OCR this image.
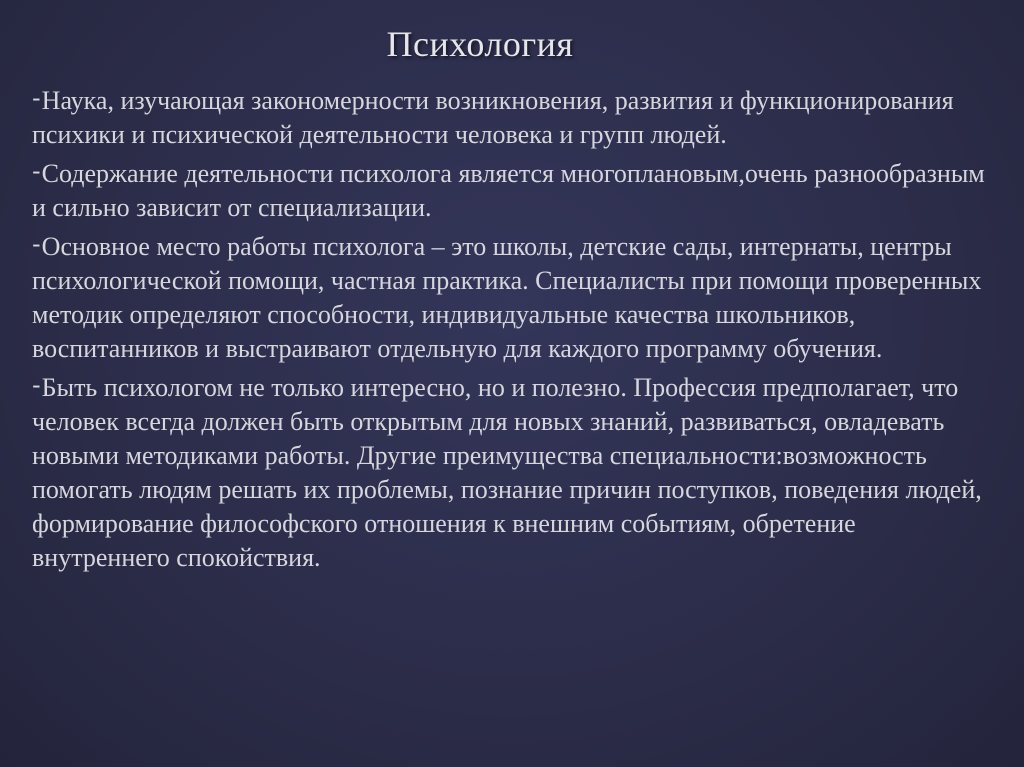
Психология

-Наука, изучающая закономерности возникновения, развития и функционирования психики и психической деятельности человека и групп людей.

-Содержание деятельности психолога является многоплановым,очень разнообразным и сильно зависит от специализации.

-Основное место работы психолога – это школы, детские сады, интернаты, центры психологической помощи, частная практика. Специалисты при помощи проверенных методик определяют способности, индивидуальные качества школьников, воспитанников и выстраивают отдельную для каждого программу обучения.

-Быть психологом не только интересно, но и полезно. Профессия предполагает, что человек всегда должен быть открытым для новых знаний, развиваться, овладевать новыми методиками работы. Другие преимущества специальности:возможность помогать людям решать их проблемы, познание причин поступков, поведения людей, формирование философского отношения к внешним событиям, обретение внутреннего спокойствия.
